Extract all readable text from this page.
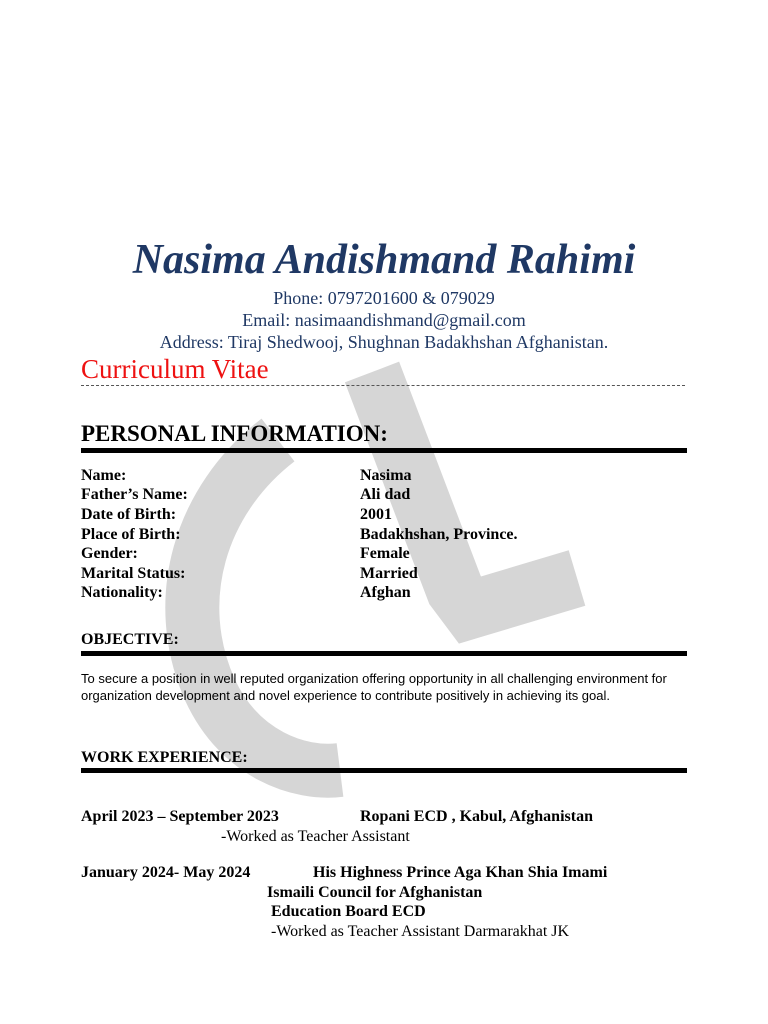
Nasima Andishmand Rahimi
Phone: 0797201600 & 079029
Email: nasimaandishmand@gmail.com
Address: Tiraj Shedwooj, Shughnan Badakhshan Afghanistan.
Curriculum Vitae
PERSONAL INFORMATION:
Name:	Nasima
Father’s Name:	Ali dad
Date of Birth:	2001
Place of Birth:	Badakhshan, Province.
Gender:	Female
Marital Status:	Married
Nationality:	Afghan
OBJECTIVE:
To secure a position in well reputed organization offering opportunity in all challenging environment for organization development and novel experience to contribute positively in achieving its goal.
WORK EXPERIENCE:
April 2023 – September 2023	Ropani ECD , Kabul, Afghanistan
-Worked as Teacher Assistant
January 2024- May 2024	His Highness Prince Aga Khan Shia Imami
Ismaili Council for Afghanistan
Education Board ECD
-Worked as Teacher Assistant Darmarakhat JK
